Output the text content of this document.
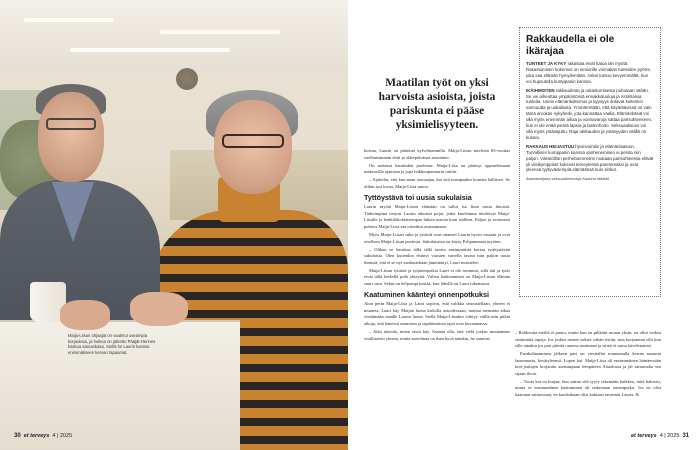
Maija-Liisan ohjaajat on vaatinut useampia korjauksia, ja hoikoa on jatkettu Pääjät-Hennes kaskua samankasa. Siellä he Laurin kanssa enimmäkseen kervan tapaamat.
30 et terveys 4 | 2025
Maatilan työt on yksi harvoista asioista, joista pariskunta ei pääse yksimielisyyteen.

kuivaa, Laurin on päätöstä kylvöhommilla. Maija-Liisan mielestä 83-vuotias vaelhaisimmän ehtii jo elätepäivänsä ansainnut.

On aaisessa hauskakin puolensa. Maija-Liisa on päässyt oppmelemaan maksuvilla ajamista ja jopa leikkuupuimurin rattiin.

– Ajattelin, että kun naan autoaajaa, kai sitä isompaakin konetta hallitsee. Se olikin tosi kivaa, Maija-Liisa sanoo.

Tyttöystävä toi uusia sukulaisia

Laurin myötä Maija-Liisan elämään on tullut iso liuta uusia ihmisiä. Tärkeimpinä tietysti Laurin aikuiset pojat, jotka kuulemma intoleivat Maija-Liisalle jo henkilökohtaisempaa lukien asioita kuin isälleen. Paljon ja avoimesti puhuva Maija-Liisa saa toisetkin avautumaan.

Myös Maija-Liisan suku ja ystävät ovat ottaneet Laurin hyvin vastaan ja ovat ottolleen Maija-Liisan puolesta. Sukulaisissa on käyty Pohjanmaata myöten.

– Olihan se hauskaa tällä iällä tavata ensimmäistä kertaa tyttöystävän sukulaisia. Olen kuitenkin ehtinyt vuosien varrella tavata niin paljon uusia ihmisiä, että ei se nyt vanhastekaan jännittänyt, Lauri muistelee.

Maija-Liisan tyttäriä ja tyttärenpoikia Lauri ei ole tavannut, sillä äiti ja tytär eivät tällä hetkellä pidä yhteyttä. Välien katkeaminen on Maija-Liisan elämän suuri suru. Sekin on helpompi kestää, kun lähellä on Lauri tukemassa.

Kaatuminen käänteyi onnenpotkuksi

Alun perin Maija-Liisa ja Lauri sopivat, että valikka seurustellaan, yhteen ei muuteta. Lauri käy Maijan luona kirkolla asioidessaan, muttaa mennään aikaa viettämään maalle Laurin luona. Siellä Maija-Liisakin viihtyy väillä niin pitkiä aikoja, että hänessä asumisen ja tapahtumissa rajat ovat kuvaamassa.

– Aika näyttää, miten tässä käy. Saattaa olla, että vielä joskus muutamme viralliseesti yhteen, mutta asetelmaa on ihan hyvä näinkin, he sanovat.

– Rohkeutta meillä ei puutu, mutta kun on pikkäin asunut yksin, on ollut vaikea sietämättä tapoja. Jos joskus menee sukset vähän ristiin, asia korjaantuu silti kun sille ainakin jos pari päivää omassa asuttuaan ja sitten ei sama kävelemässä.

Ensikohtaaminen jälkeen pari on viestiallut muutamalla kerran samasta lausumasta, kevätyleensä. Lopen kai. Maija-Liisa oli ensimmäinen hämäessään koti-joulujen korjauttu asemaapaan lempäreen Alatalossa ja jäi sattumalta sen sijaan iloon.

– Tuota kai on kurjaa, kun sattuu silä syyty tekemään kaikkea, mitä haluaisi, mutta se ensimmäinen kaatuminen oli onkestaan onnenpotku. Jos en olisi kaatunut sattuessani, en kuulisikaan olisi kohtaan tavannut Lauria. &

Rakkaudella ei ole ikärajaa

TUNTEET JA KYKY rakastaa eivät katoa iän myötä. Rakastumisen kokemus on seniorille voimakas tunteiden pyörre, joka saa elämän hymyilemään. Askel tuntuu kevyemmältä, kun voi hupsutella kumppanin kanssa.

IKÄIHMISTEN rakkaudesta ja rakastumisesta puhutaan vähän. Se voi aiheuttaa ympäristössä ennakkoluuloja ja ristiriitaisia tunteita. Usein elämänkokemus ja kypsyys antavat kuitenkin varmuutta ja uskallusta. Ymmärretään, että käytettävissä on vain tämä arvokas nykyhetki, jota kannattaa vaalia. Elämänkäsiä voi olla myös enemmän aikaa ja voimavaroja sattaa parisuhteeseen, kun ei ole enää pieniä lapsia ja lastenhoito. Seksuaalisuus voi olla myös ystäväjuttu. Raja rakkauden ja ystävyyden välillä on kuluva.

RAKKAUS HEIJASTUU hyvinvointiin ja elämänlaatuun. Turvallisen kumppanin kanssa vanheneminen ei pelota niin paljon. Väestölliön perhebarometrin mukaan parisuhteessa elävät yli viisikymppiset kokevat terveytensä paremmaksi ja ovat yleensä tyytyväisempiä elämäänsä kuin sinkut.

Asiantuntijana seksuaalineuvoja Kaarina Määttä

et terveys 4 | 2025 31
